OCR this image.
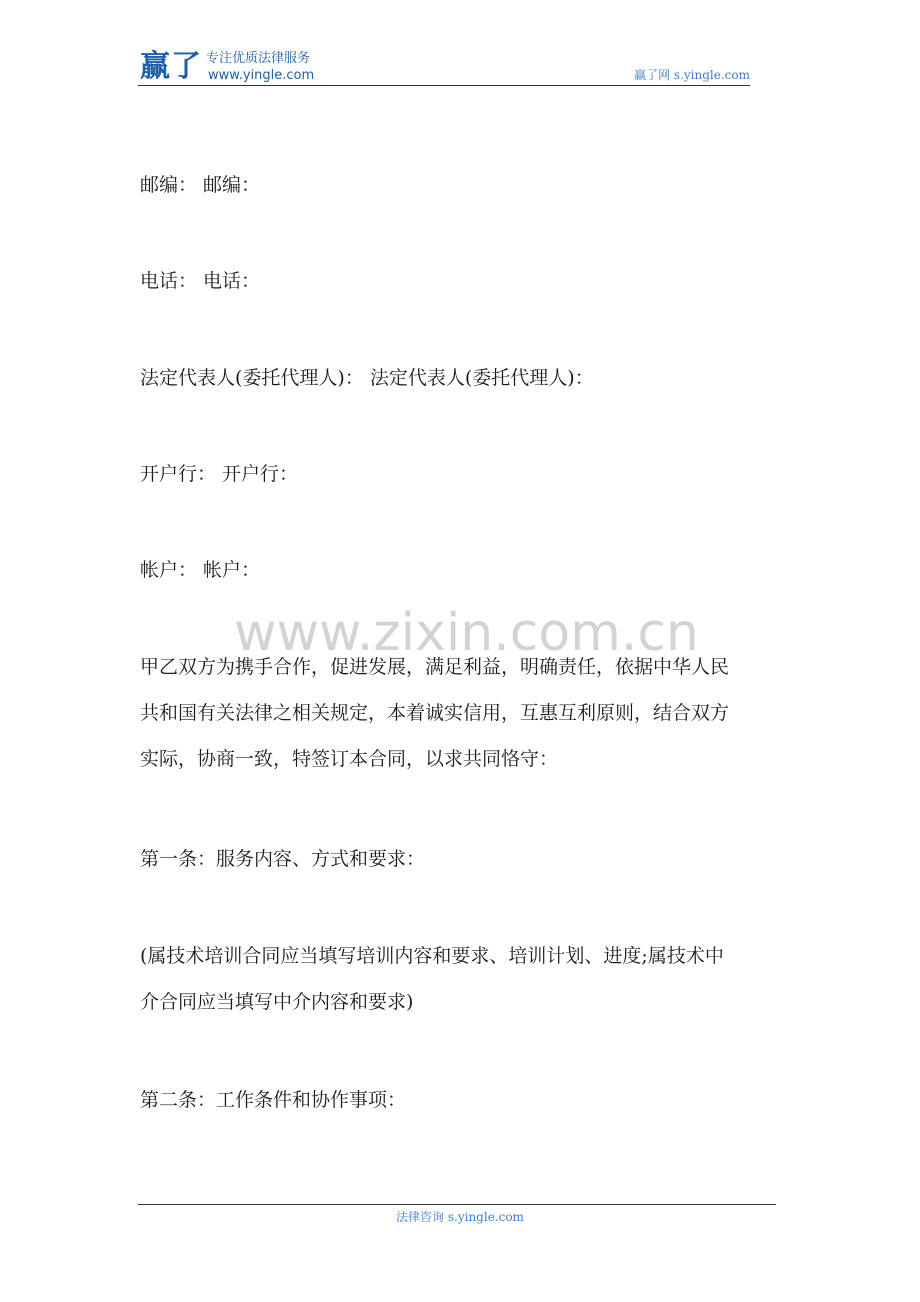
赢了 专注优质法律服务
www.yingle.com	赢了网 s.yingle.com
www.zixin.com.cn

邮编： 邮编：

电话： 电话：

法定代表人(委托代理人)： 法定代表人(委托代理人)：

开户行： 开户行：

帐户： 帐户：

甲乙双方为携手合作，促进发展，满足利益，明确责任，依据中华人民
共和国有关法律之相关规定，本着诚实信用，互惠互利原则，结合双方
实际，协商一致，特签订本合同，以求共同恪守：

第一条：服务内容、方式和要求：

(属技术培训合同应当填写培训内容和要求、培训计划、进度;属技术中
介合同应当填写中介内容和要求)

第二条：工作条件和协作事项：

法律咨询 s.yingle.com
